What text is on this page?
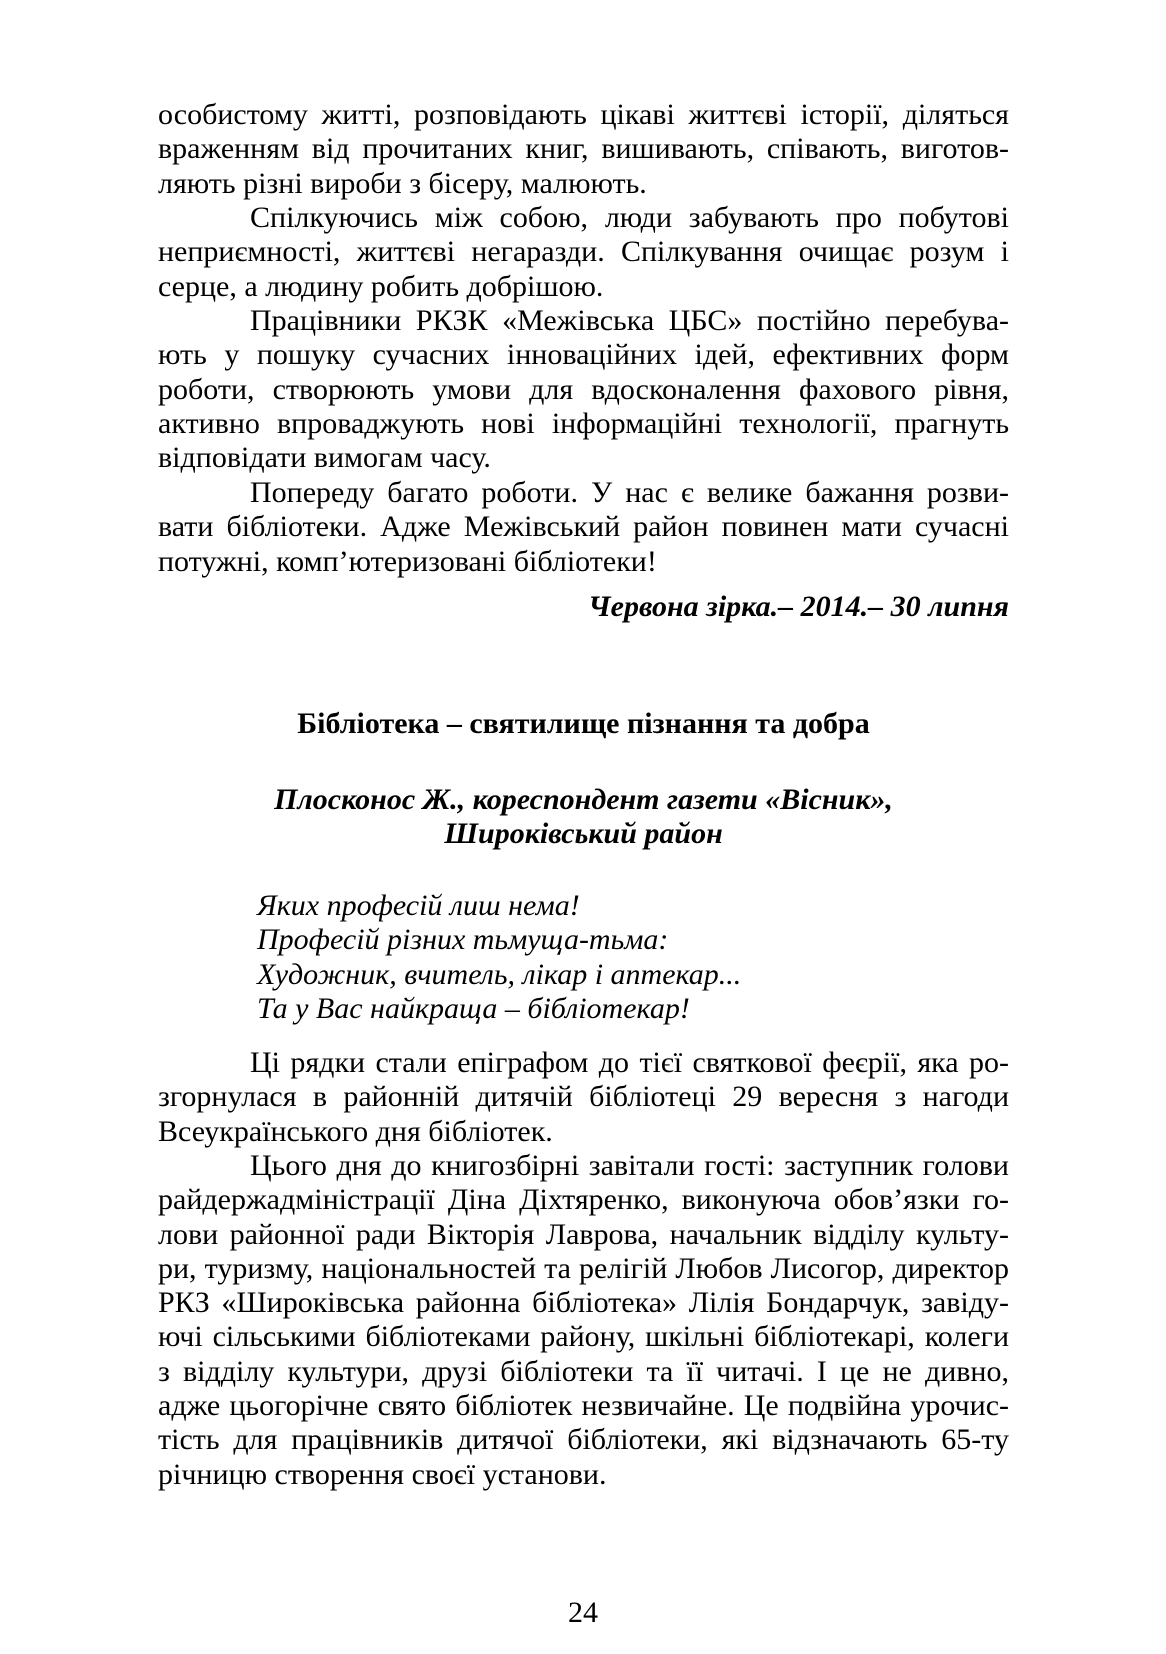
особистому житті, розповідають цікаві життєві історії, діляться
враженням від прочитаних книг, вишивають, співають, виготов-
ляють різні вироби з бісеру, малюють.
Спілкуючись між собою, люди забувають про побутові
неприємності, життєві негаразди. Спілкування очищає розум і
серце, а людину робить добрішою.
Працівники РКЗК «Межівська ЦБС» постійно перебува-
ють у пошуку сучасних інноваційних ідей, ефективних форм
роботи, створюють умови для вдосконалення фахового рівня,
активно впроваджують нові інформаційні технології, прагнуть
відповідати вимогам часу.
Попереду багато роботи. У нас є велике бажання розви-
вати бібліотеки. Адже Межівський район повинен мати сучасні
потужні, комп’ютеризовані бібліотеки!
Червона зірка.– 2014.– 30 липня
Бібліотека – святилище пізнання та добра
Плосконос Ж., кореспондент газети «Вісник»,
Широківський район
Яких професій лиш нема!
Професій різних тьмуща-тьма:
Художник, вчитель, лікар і аптекар...
Та у Вас найкраща – бібліотекар!
Ці рядки стали епіграфом до тієї святкової феєрії, яка ро-
згорнулася в районній дитячій бібліотеці 29 вересня з нагоди
Всеукраїнського дня бібліотек.
Цього дня до книгозбірні завітали гості: заступник голови
райдержадміністрації Діна Діхтяренко, виконуюча обов’язки го-
лови районної ради Вікторія Лаврова, начальник відділу культу-
ри, туризму, національностей та релігій Любов Лисогор, директор
РКЗ «Широківська районна бібліотека» Лілія Бондарчук, завіду-
ючі сільськими бібліотеками району, шкільні бібліотекарі, колеги
з відділу культури, друзі бібліотеки та її читачі. І це не дивно,
адже цьогорічне свято бібліотек незвичайне. Це подвійна урочис-
тість для працівників дитячої бібліотеки, які відзначають 65-ту
річницю створення своєї установи.
24
